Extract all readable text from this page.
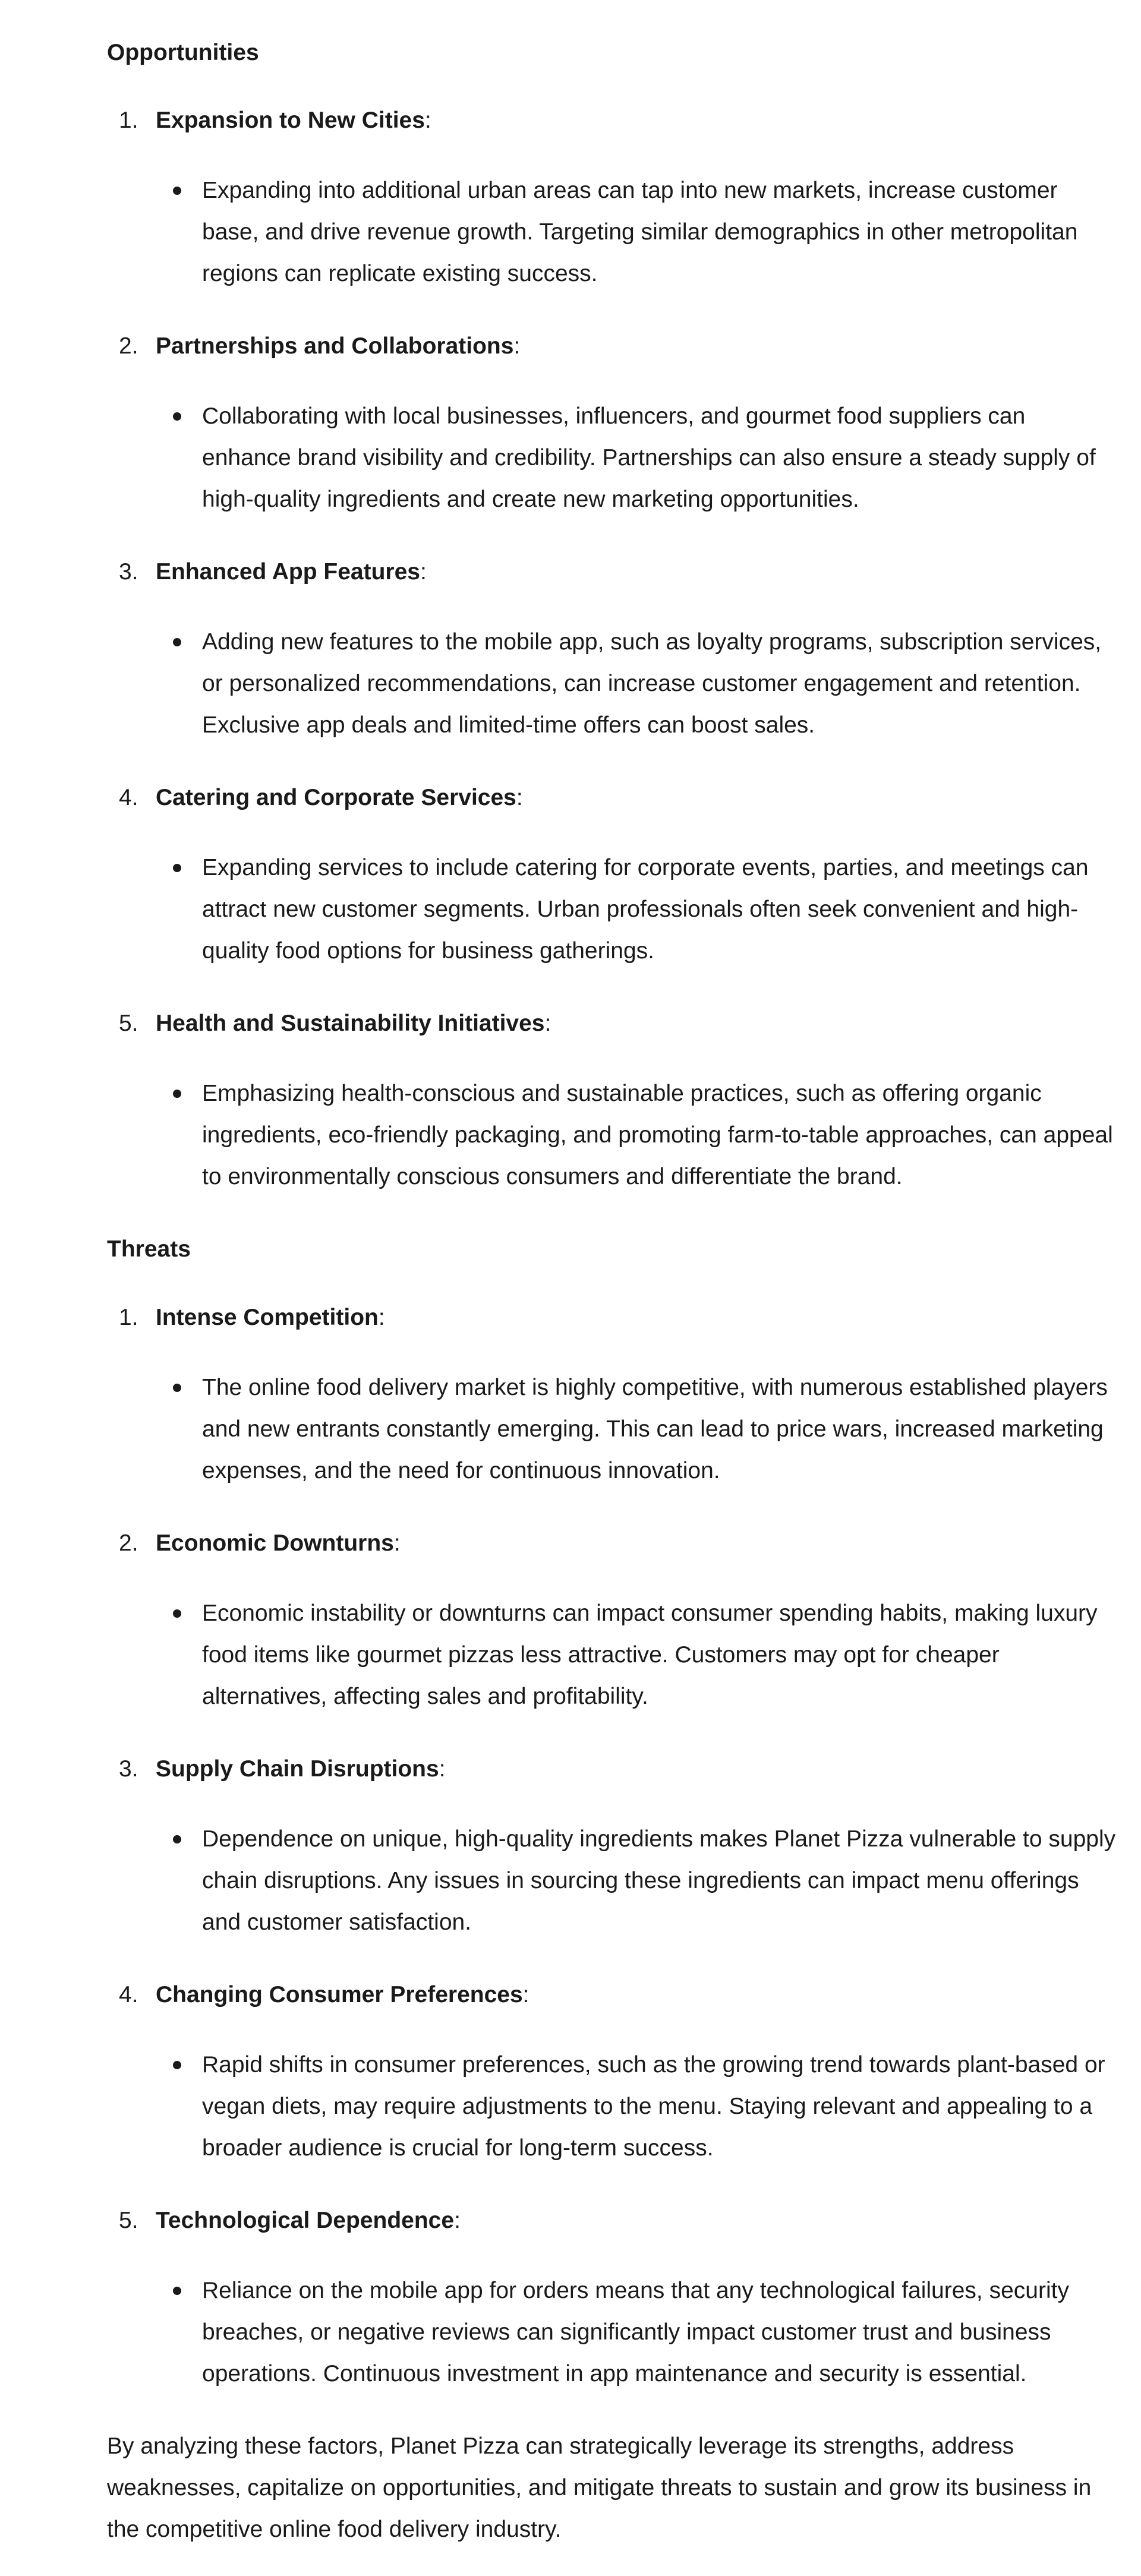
Opportunities

1. Expansion to New Cities:

Expanding into additional urban areas can tap into new markets, increase customer base, and drive revenue growth. Targeting similar demographics in other metropolitan regions can replicate existing success.

2. Partnerships and Collaborations:

Collaborating with local businesses, influencers, and gourmet food suppliers can enhance brand visibility and credibility. Partnerships can also ensure a steady supply of high-quality ingredients and create new marketing opportunities.

3. Enhanced App Features:

Adding new features to the mobile app, such as loyalty programs, subscription services, or personalized recommendations, can increase customer engagement and retention. Exclusive app deals and limited-time offers can boost sales.

4. Catering and Corporate Services:

Expanding services to include catering for corporate events, parties, and meetings can attract new customer segments. Urban professionals often seek convenient and high-quality food options for business gatherings.

5. Health and Sustainability Initiatives:

Emphasizing health-conscious and sustainable practices, such as offering organic ingredients, eco-friendly packaging, and promoting farm-to-table approaches, can appeal to environmentally conscious consumers and differentiate the brand.

Threats

1. Intense Competition:

The online food delivery market is highly competitive, with numerous established players and new entrants constantly emerging. This can lead to price wars, increased marketing expenses, and the need for continuous innovation.

2. Economic Downturns:

Economic instability or downturns can impact consumer spending habits, making luxury food items like gourmet pizzas less attractive. Customers may opt for cheaper alternatives, affecting sales and profitability.

3. Supply Chain Disruptions:

Dependence on unique, high-quality ingredients makes Planet Pizza vulnerable to supply chain disruptions. Any issues in sourcing these ingredients can impact menu offerings and customer satisfaction.

4. Changing Consumer Preferences:

Rapid shifts in consumer preferences, such as the growing trend towards plant-based or vegan diets, may require adjustments to the menu. Staying relevant and appealing to a broader audience is crucial for long-term success.

5. Technological Dependence:

Reliance on the mobile app for orders means that any technological failures, security breaches, or negative reviews can significantly impact customer trust and business operations. Continuous investment in app maintenance and security is essential.

By analyzing these factors, Planet Pizza can strategically leverage its strengths, address weaknesses, capitalize on opportunities, and mitigate threats to sustain and grow its business in the competitive online food delivery industry.
